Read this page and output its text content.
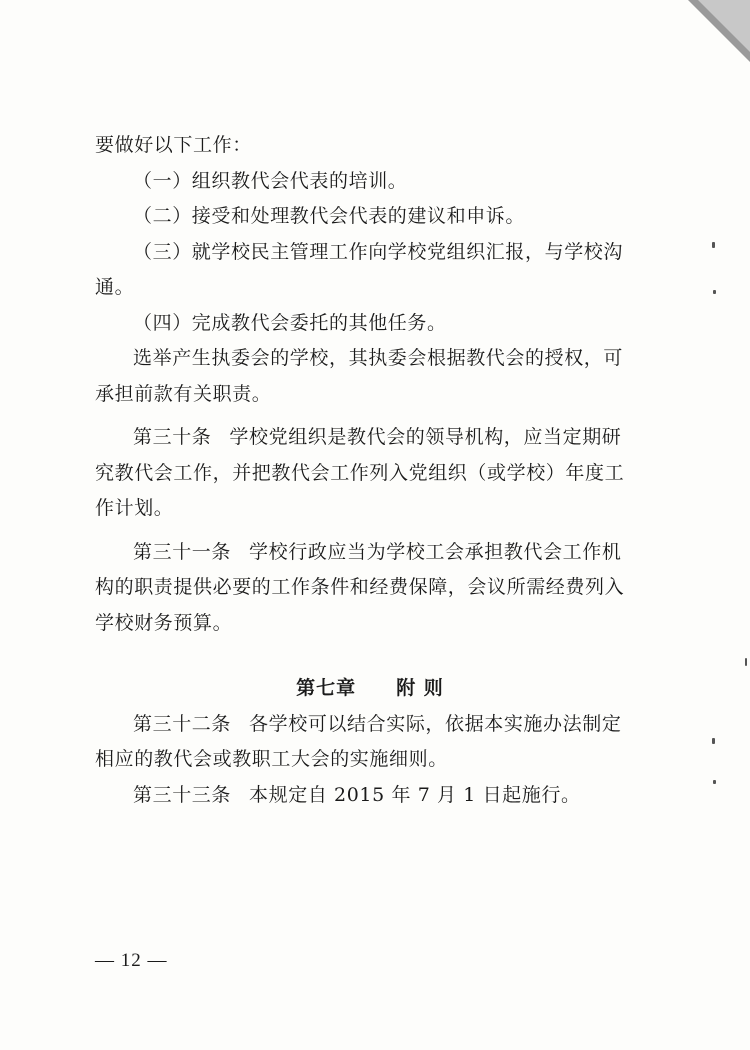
要做好以下工作：
（一）组织教代会代表的培训。
（二）接受和处理教代会代表的建议和申诉。
（三）就学校民主管理工作向学校党组织汇报，与学校沟
通。
（四）完成教代会委托的其他任务。
选举产生执委会的学校，其执委会根据教代会的授权，可
承担前款有关职责。
第三十条 学校党组织是教代会的领导机构，应当定期研
究教代会工作，并把教代会工作列入党组织（或学校）年度工
作计划。
第三十一条 学校行政应当为学校工会承担教代会工作机
构的职责提供必要的工作条件和经费保障，会议所需经费列入
学校财务预算。
第七章 附 则
第三十二条 各学校可以结合实际，依据本实施办法制定
相应的教代会或教职工大会的实施细则。
第三十三条 本规定自 2015 年 7 月 1 日起施行。
— 12 —
